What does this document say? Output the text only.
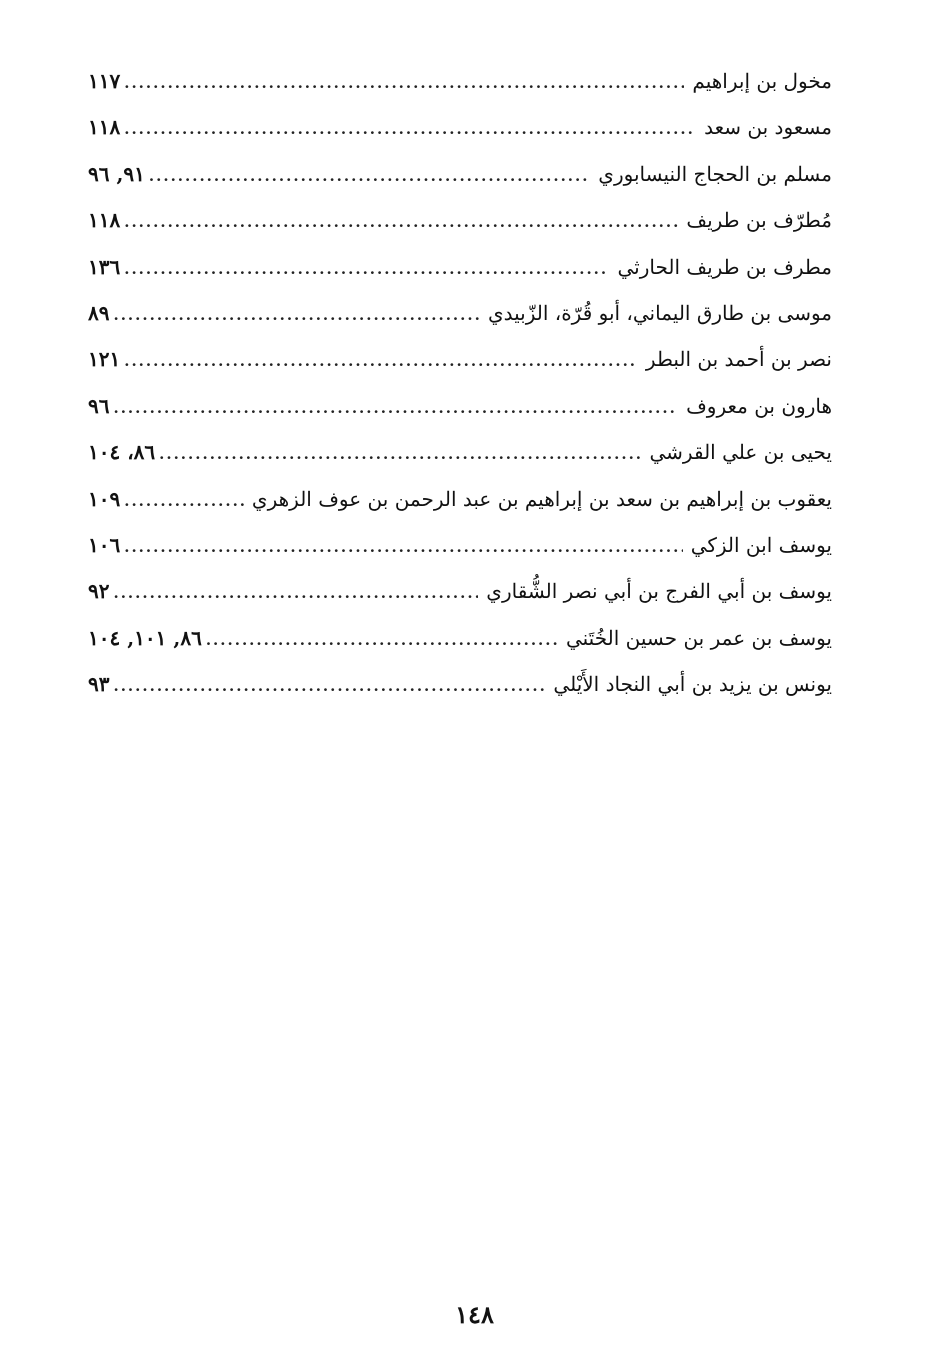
مخول بن إبراهيم
.....
١١٧
مسعود بن سعد
.....
١١٨
مسلم بن الحجاج النيسابوري
.....
٩١, ٩٦
مُطرّف بن طريف
.....
١١٨
مطرف بن طريف الحارثي
.....
١٣٦
موسى بن طارق اليماني، أبو قُرّة، الزّبيدي
.....
٨٩
نصر بن أحمد بن البطر
.....
١٢١
هارون بن معروف
.....
٩٦
يحيى بن علي القرشي
.....
٨٦، ١٠٤
يعقوب بن إبراهيم بن سعد بن إبراهيم بن عبد الرحمن بن عوف الزهري
.....
١٠٩
يوسف ابن الزكي
.....
١٠٦
يوسف بن أبي الفرج بن أبي نصر الشُّقاري
.....
٩٢
يوسف بن عمر بن حسين الخُتَني
.....
٨٦, ١٠١, ١٠٤
يونس بن يزيد بن أبي النجاد الأَيْلي
.....
٩٣
١٤٨
